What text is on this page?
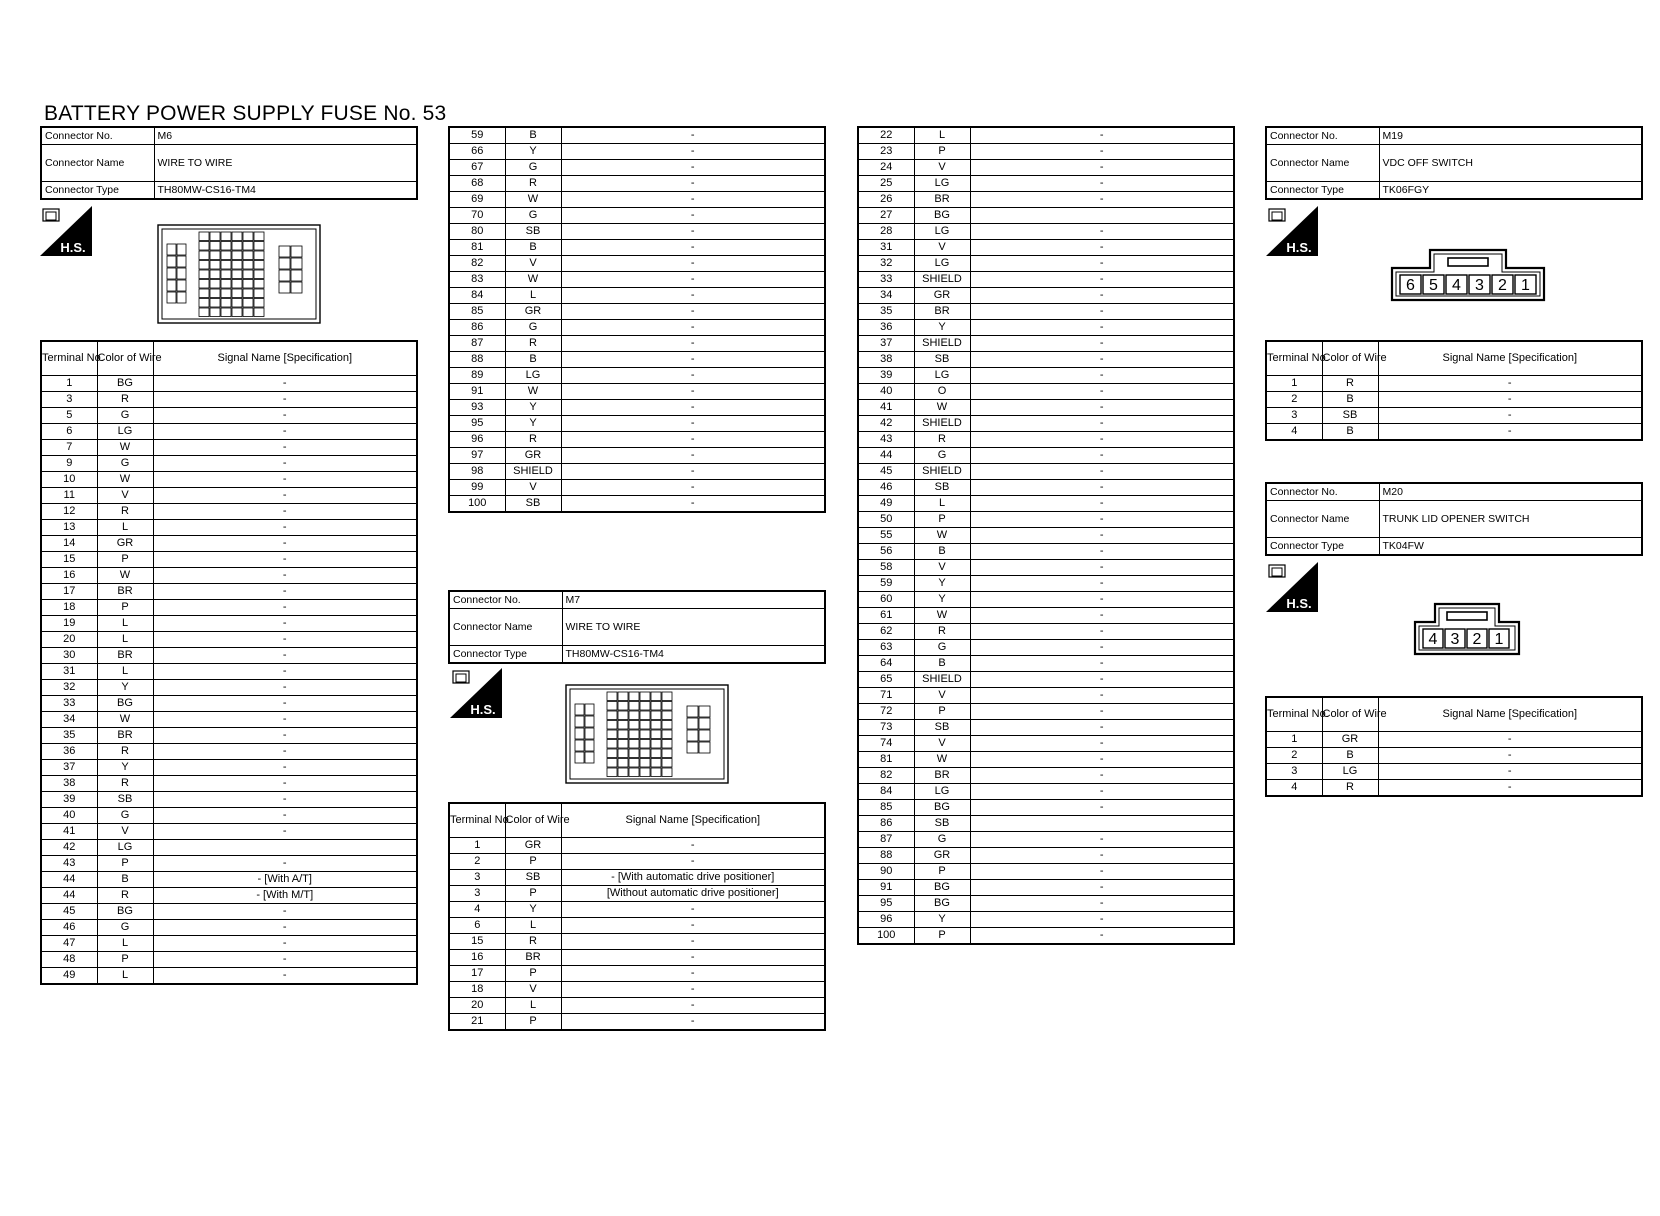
BATTERY POWER SUPPLY FUSE No. 53
Connector No.	M6
Connector Name	WIRE TO WIRE
Connector Type	TH80MW-CS16-TM4
H.S.
Terminal No.	Color of Wire	Signal Name [Specification]
1	BG	-
3	R	-
5	G	-
6	LG	-
7	W	-
9	G	-
10	W	-
11	V	-
12	R	-
13	L	-
14	GR	-
15	P	-
16	W	-
17	BR	-
18	P	-
19	L	-
20	L	-
30	BR	-
31	L	-
32	Y	-
33	BG	-
34	W	-
35	BR	-
36	R	-
37	Y	-
38	R	-
39	SB	-
40	G	-
41	V	-
42	LG	
43	P	-
44	B	- [With A/T]
44	R	- [With M/T]
45	BG	-
46	G	-
47	L	-
48	P	-
49	L	-
59	B	-
66	Y	-
67	G	-
68	R	-
69	W	-
70	G	-
80	SB	-
81	B	-
82	V	-
83	W	-
84	L	-
85	GR	-
86	G	-
87	R	-
88	B	-
89	LG	-
91	W	-
93	Y	-
95	Y	-
96	R	-
97	GR	-
98	SHIELD	-
99	V	-
100	SB	-
Connector No.	M7
Connector Name	WIRE TO WIRE
Connector Type	TH80MW-CS16-TM4
H.S.
Terminal No.	Color of Wire	Signal Name [Specification]
1	GR	-
2	P	-
3	SB	- [With automatic drive positioner]
3	P	[Without automatic drive positioner]
4	Y	-
6	L	-
15	R	-
16	BR	-
17	P	-
18	V	-
20	L	-
21	P	-
22	L	-
23	P	-
24	V	-
25	LG	-
26	BR	-
27	BG	
28	LG	-
31	V	-
32	LG	-
33	SHIELD	-
34	GR	-
35	BR	-
36	Y	-
37	SHIELD	-
38	SB	-
39	LG	-
40	O	-
41	W	-
42	SHIELD	-
43	R	-
44	G	-
45	SHIELD	-
46	SB	-
49	L	-
50	P	-
55	W	-
56	B	-
58	V	-
59	Y	-
60	Y	-
61	W	-
62	R	-
63	G	-
64	B	-
65	SHIELD	-
71	V	-
72	P	-
73	SB	-
74	V	-
81	W	-
82	BR	-
84	LG	-
85	BG	-
86	SB	
87	G	-
88	GR	-
90	P	-
91	BG	-
95	BG	-
96	Y	-
100	P	-
Connector No.	M19
Connector Name	VDC OFF SWITCH
Connector Type	TK06FGY
H.S.
6 5 4 3 2 1
Terminal No.	Color of Wire	Signal Name [Specification]
1	R	-
2	B	-
3	SB	-
4	B	-
Connector No.	M20
Connector Name	TRUNK LID OPENER SWITCH
Connector Type	TK04FW
H.S.
4 3 2 1
Terminal No.	Color of Wire	Signal Name [Specification]
1	GR	-
2	B	-
3	LG	-
4	R	-
